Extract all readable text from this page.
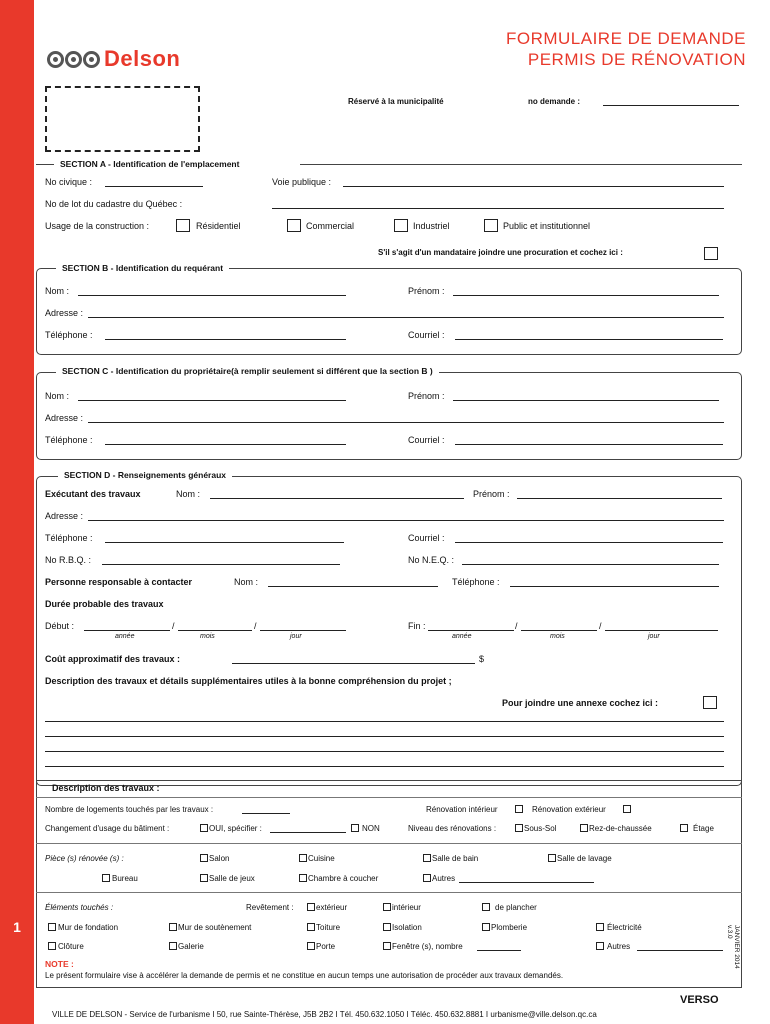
1
Delson
FORMULAIRE DE DEMANDE
PERMIS DE RÉNOVATION
Réservé à la municipalité	no demande :
SECTION A - Identification de l'emplacement
No civique :	Voie publique :
No de lot du cadastre du Québec :
Usage de la construction :	Résidentiel	Commercial	Industriel	Public et institutionnel
S'il s'agit d'un mandataire joindre une procuration et cochez ici :
SECTION B - Identification du requérant
Nom :	Prénom :
Adresse :
Téléphone :	Courriel :
SECTION C - Identification du propriétaire(à remplir seulement si différent que la section B )
Nom :	Prénom :
Adresse :
Téléphone :	Courriel :
SECTION D - Renseignements généraux
Exécutant des travaux	Nom :	Prénom :
Adresse :
Téléphone :	Courriel :
No R.B.Q. :	No N.E.Q. :
Personne responsable à contacter	Nom :	Téléphone :
Durée probable des travaux
Début :	/	/
année	mois	jour
Fin :	/	/
année	mois	jour
Coût approximatif des travaux :	$
Description des travaux et détails supplémentaires utiles à la bonne compréhension du projet ;
Pour joindre une annexe cochez ici :
Description des travaux :
Nombre de logements touchés par les travaux :	Rénovation intérieur	Rénovation extérieur
Changement d'usage du bâtiment :	OUI, spécifier :	NON	Niveau des rénovations :	Sous-Sol	Rez-de-chaussée	Étage
Pièce (s) rénovée (s) :	Salon	Cuisine	Salle de bain	Salle de lavage
Bureau	Salle de jeux	Chambre à coucher	Autres
Éléments touchés :	Revêtement :	extérieur	intérieur	de plancher
Mur de fondation	Mur de soutènement	Toiture	Isolation	Plomberie	Électricité
Clôture	Galerie	Porte	Fenêtre (s), nombre	Autres
NOTE :
Le présent formulaire vise à accélérer la demande de permis et ne constitue en aucun temps une autorisation de procéder aux travaux demandés.
JANVIER 2014
v.3.0
VERSO
VILLE DE DELSON - Service de l'urbanisme I 50, rue Sainte-Thérèse, J5B 2B2 I Tél. 450.632.1050 I Téléc. 450.632.8881 I urbanisme@ville.delson.qc.ca
